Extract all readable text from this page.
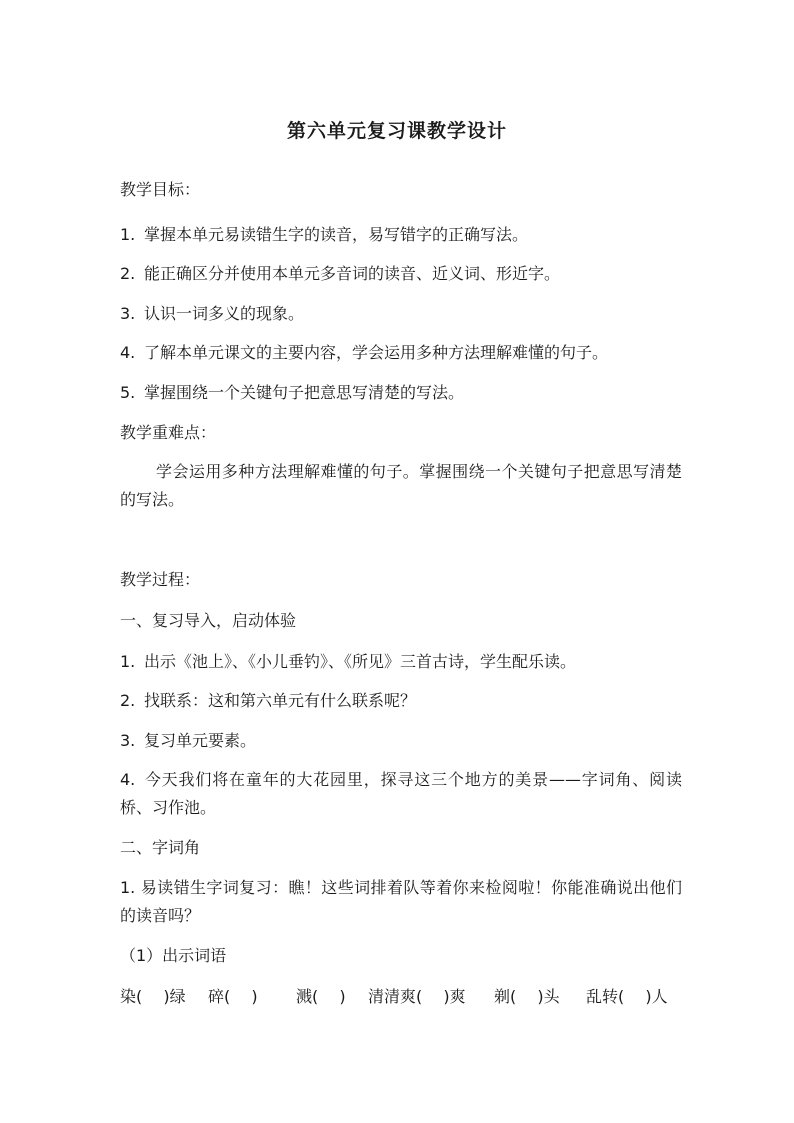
第六单元复习课教学设计
教学目标：
1. 掌握本单元易读错生字的读音，易写错字的正确写法。
2. 能正确区分并使用本单元多音词的读音、近义词、形近字。
3. 认识一词多义的现象。
4. 了解本单元课文的主要内容，学会运用多种方法理解难懂的句子。
5. 掌握围绕一个关键句子把意思写清楚的写法。
教学重难点：
学会运用多种方法理解难懂的句子。掌握围绕一个关键句子把意思写清楚的写法。
教学过程：
一、复习导入，启动体验
1. 出示《池上》、《小儿垂钓》、《所见》三首古诗，学生配乐读。
2. 找联系：这和第六单元有什么联系呢？
3. 复习单元要素。
4. 今天我们将在童年的大花园里，探寻这三个地方的美景——字词角、阅读桥、习作池。
二、字词角
1. 易读错生字词复习：瞧！这些词排着队等着你来检阅啦！你能准确说出他们的读音吗？
（1）出示词语
染(　 )绿 碎(　 ) 溅(　 ) 清清爽(　 )爽 剃(　 )头 乱转(　 )人
